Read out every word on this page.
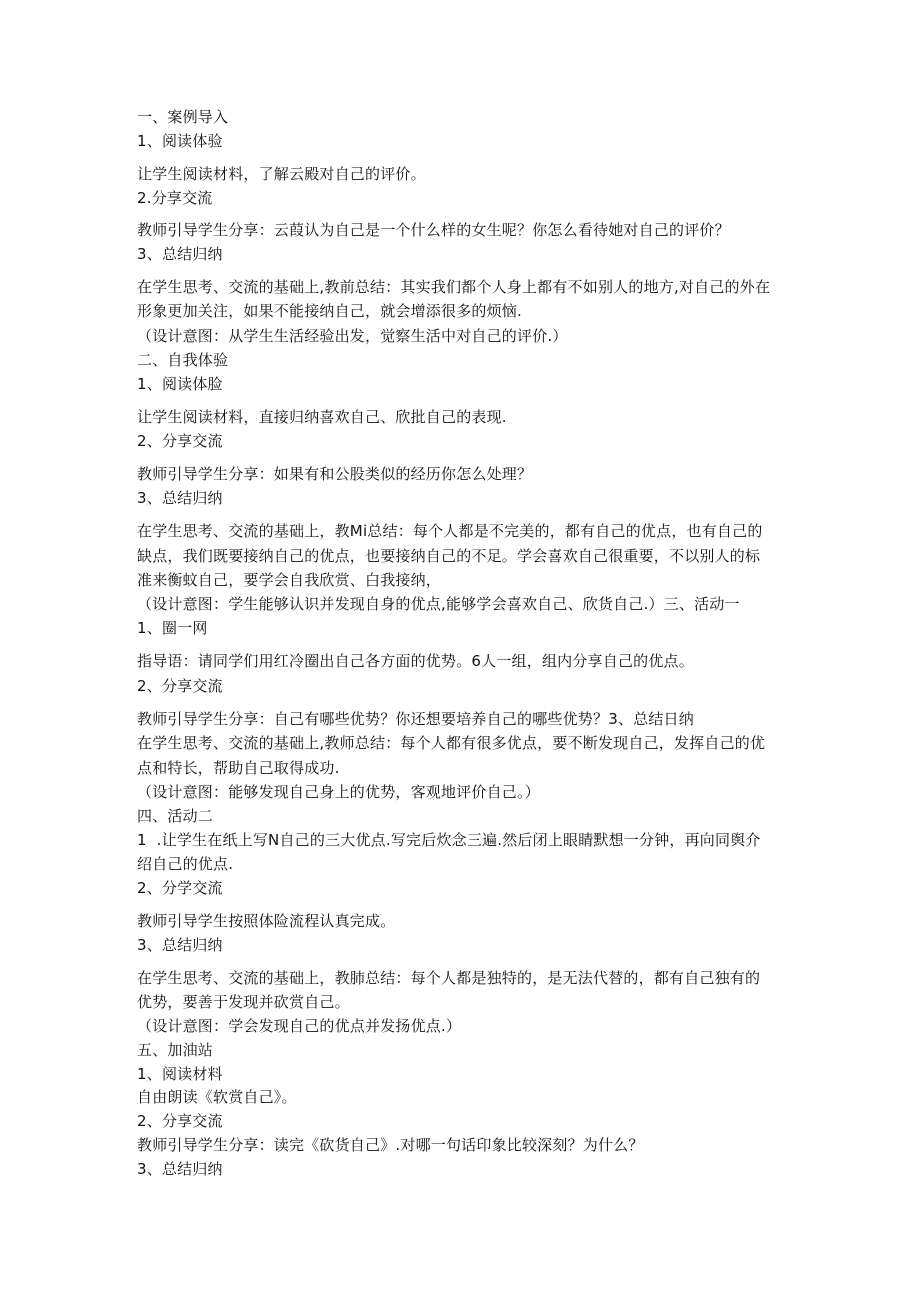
一、案例导入
1、阅读体验
让学生阅读材料，了解云殿对自己的评价。
2.分享交流
教师引导学生分享：云葭认为自己是一个什么样的女生呢？你怎么看待她对自己的评价？
3、总结归纳
在学生思考、交流的基础上,教前总结：其实我们都个人身上都有不如别人的地方,对自己的外在
形象更加关注，如果不能接纳自己，就会增添很多的烦恼.
（设计意图：从学生生活经验出发，觉察生活中对自己的评价.）
二、自我体验
1、阅读体脸
让学生阅读材料，直接归纳喜欢自己、欣批自己的表现.
2、分享交流
教师引导学生分享：如果有和公股类似的经历你怎么处理？
3、总结归纳
在学生思考、交流的基础上，教Mi总结：每个人都是不完美的，都有自己的优点，也有自己的
缺点，我们既要接纳自己的优点，也要接纳自己的不足。学会喜欢自己很重要，不以别人的标
准来衡蚊自己，要学会自我欣赏、白我接纳，
（设计意图：学生能够认识并发现自身的优点,能够学会喜欢自己、欣货自己.）三、活动一
1、圈一网
指导语：请同学们用红冷圈出自己各方面的优势。6人一组，组内分享自己的优点。
2、分享交流
教师引导学生分享：自己有哪些优势？你还想要培养自己的哪些优势？3、总结日纳
在学生思考、交流的基础上,教师总结：每个人都有很多优点，要不断发现自己，发挥自己的优
点和特长，帮助自己取得成功.
（设计意图：能够发现自己身上的优势，客观地评价自己。）
四、活动二
1  .让学生在纸上写N自己的三大优点.写完后炊念三遍.然后闭上眼睛默想一分钟，再向同舆介
绍自己的优点.
2、分学交流
教师引导学生按照体险流程认真完成。
3、总结归纳
在学生思考、交流的基础上，教肺总结：每个人都是独特的，是无法代替的，都有自己独有的
优势，要善于发现并砍赏自己。
（设计意图：学会发现自己的优点并发扬优点.）
五、加油站
1、阅读材料
自由朗读《软赏自己》。
2、分享交流
教师引导学生分享：读完《砍货自己》.对哪一句话印象比较深刻？为什么？
3、总结归纳
